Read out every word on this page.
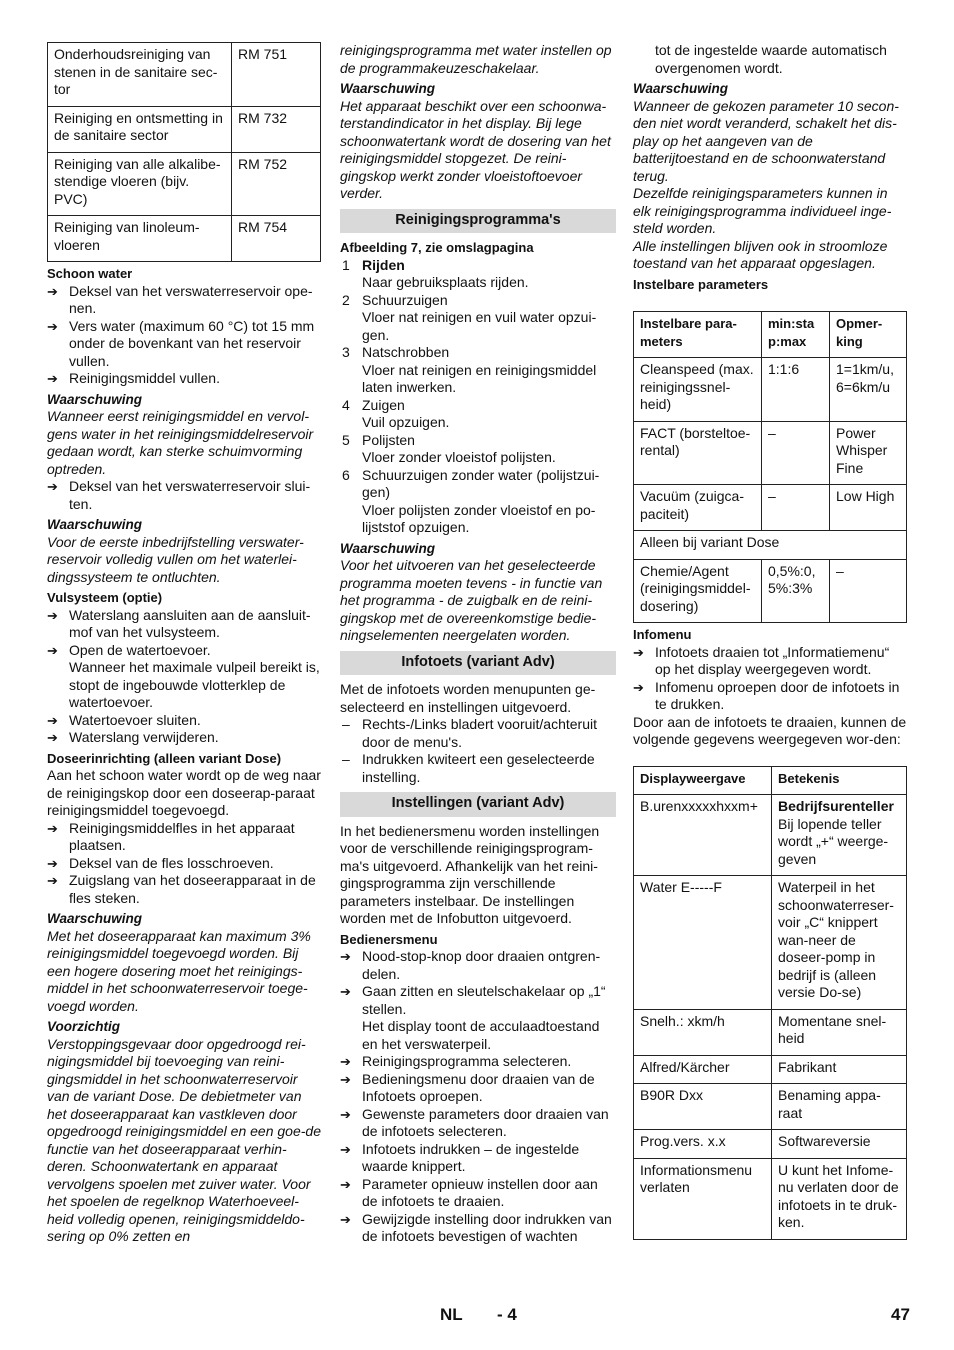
Onderhoudsreiniging van stenen in de sanitaire sec-tor	RM 751
Reiniging en ontsmetting in de sanitaire sector	RM 732
Reiniging van alle alkalibe-stendige vloeren (bijv. PVC)	RM 752
Reiniging van linoleum-vloeren	RM 754
Schoon water

➔ Deksel van het verswaterreservoir ope-nen.

➔ Vers water (maximum 60 °C) tot 15 mm onder de bovenkant van het reservoir vullen.

➔ Reinigingsmiddel vullen.

Waarschuwing

Wanneer eerst reinigingsmiddel en vervol-gens water in het reinigingsmiddelreservoir gedaan wordt, kan sterke schuimvorming optreden.

➔ Deksel van het verswaterreservoir slui-ten.

Waarschuwing

Voor de eerste inbedrijfstelling verswater-reservoir volledig vullen om het waterlei-dingssysteem te ontluchten.

Vulsysteem (optie)

➔ Waterslang aansluiten aan de aansluit-mof van het vulsysteem.

➔ Open de watertoevoer.

Wanneer het maximale vulpeil bereikt is, stopt de ingebouwde vlotterklep de watertoevoer.

➔ Watertoevoer sluiten.

➔ Waterslang verwijderen.

Doseerinrichting (alleen variant Dose)

Aan het schoon water wordt op de weg naar de reinigingskop door een doseerap-paraat reinigingsmiddel toegevoegd.

➔ Reinigingsmiddelfles in het apparaat plaatsen.

➔ Deksel van de fles losschroeven.

➔ Zuigslang van het doseerapparaat in de fles steken.

Waarschuwing

Met het doseerapparaat kan maximum 3% reinigingsmiddel toegevoegd worden. Bij een hogere dosering moet het reinigings-middel in het schoonwaterreservoir toege-voegd worden.

Voorzichtig

Verstoppingsgevaar door opgedroogd rei-nigingsmiddel bij toevoeging van reini-gingsmiddel in het schoonwaterreservoir van de variant Dose. De debietmeter van het doseerapparaat kan vastkleven door opgedroogd reinigingsmiddel en een goe-de functie van het doseerapparaat verhin-deren. Schoonwatertank en apparaat vervolgens spoelen met zuiver water. Voor het spoelen de regelknop Waterhoeveel-heid volledig openen, reinigingsmiddeldo-sering op 0% zetten en

reinigingsprogramma met water instellen op de programmakeuzeschakelaar.

Waarschuwing

Het apparaat beschikt over een schoonwa-terstandindicator in het display. Bij lege schoonwatertank wordt de dosering van het reinigingsmiddel stopgezet. De reini-gingskop werkt zonder vloeistoftoevoer verder.

Reinigingsprogramma's
Afbeelding 7, zie omslagpagina
1 Rijden

Naar gebruiksplaats rijden.

2 Schuurzuigen

Vloer nat reinigen en vuil water opzui-gen.

3 Natschrobben

Vloer nat reinigen en reinigingsmiddel laten inwerken.

4 Zuigen

Vuil opzuigen.

5 Polijsten

Vloer zonder vloeistof polijsten.

6 Schuurzuigen zonder water (polijstzui-gen)

Vloer polijsten zonder vloeistof en po-lijststof opzuigen.

Waarschuwing

Voor het uitvoeren van het geselecteerde programma moeten tevens - in functie van het programma - de zuigbalk en de reini-gingskop met de overeenkomstige bedie-ningselementen neergelaten worden.

Infotoets (variant Adv)

Met de infotoets worden menupunten ge-selecteerd en instellingen uitgevoerd.

– Rechts-/Links bladert vooruit/achteruit door de menu's.

– Indrukken kwiteert een geselecteerde instelling.

Instellingen (variant Adv)

In het bedienersmenu worden instellingen voor de verschillende reinigingsprogram-ma's uitgevoerd. Afhankelijk van het reini-gingsprogramma zijn verschillende parameters instelbaar. De instellingen worden met de Infobutton uitgevoerd.

Bedienersmenu

➔ Nood-stop-knop door draaien ontgren-delen.

➔ Gaan zitten en sleutelschakelaar op „1“ stellen.

Het display toont de acculaadtoestand en het verswaterpeil.

➔ Reinigingsprogramma selecteren.

➔ Bedieningsmenu door draaien van de Infotoets oproepen.

➔ Gewenste parameters door draaien van de infotoets selecteren.

➔ Infotoets indrukken – de ingestelde waarde knippert.

➔ Parameter opnieuw instellen door aan de infotoets te draaien.

➔ Gewijzigde instelling door indrukken van de infotoets bevestigen of wachten

tot de ingestelde waarde automatisch overgenomen wordt.

Waarschuwing

Wanneer de gekozen parameter 10 secon-den niet wordt veranderd, schakelt het dis-play op het aangeven van de batterijtoestand en de schoonwaterstand terug.

Dezelfde reinigingsparameters kunnen in elk reinigingsprogramma individueel inge-steld worden.

Alle instellingen blijven ook in stroomloze toestand van het apparaat opgeslagen.

Instelbare parameters
Instelbare para-meters	min:sta p:max	Opmer-king
Cleanspeed (max. reinigingssnel-heid)	1:1:6	1=1km/u, 6=6km/u
FACT (borsteltoe-rental)	–	Power Whisper Fine
Vacuüm (zuigca-paciteit)	–	Low High
Alleen bij variant Dose		
Chemie/Agent (reinigingsmiddel-dosering)	0,5%:0, 5%:3%	–
Infomenu

➔ Infotoets draaien tot „Informatiemenu“ op het display weergegeven wordt.

➔ Infomenu oproepen door de infotoets in te drukken.

Door aan de infotoets te draaien, kunnen de volgende gegevens weergegeven wor-den:

Displayweergave	Betekenis
B.urenxxxxxhxxm+	Bedrijfsurenteller
Bij lopende teller wordt „+“ weerge-geven
Water E-----F	Waterpeil in het schoonwaterreser-voir „C“ knippert wan-neer de doseer-pomp in bedrijf is (alleen versie Do-se)
Snelh.: xkm/h	Momentane snel-heid
Alfred/Kärcher	Fabrikant
B90R Dxx	Benaming appa-raat
Prog.vers. x.x	Softwareversie
Informationsmenu verlaten	U kunt het Infome-nu verlaten door de infotoets in te druk-ken.
NL - 4	47
